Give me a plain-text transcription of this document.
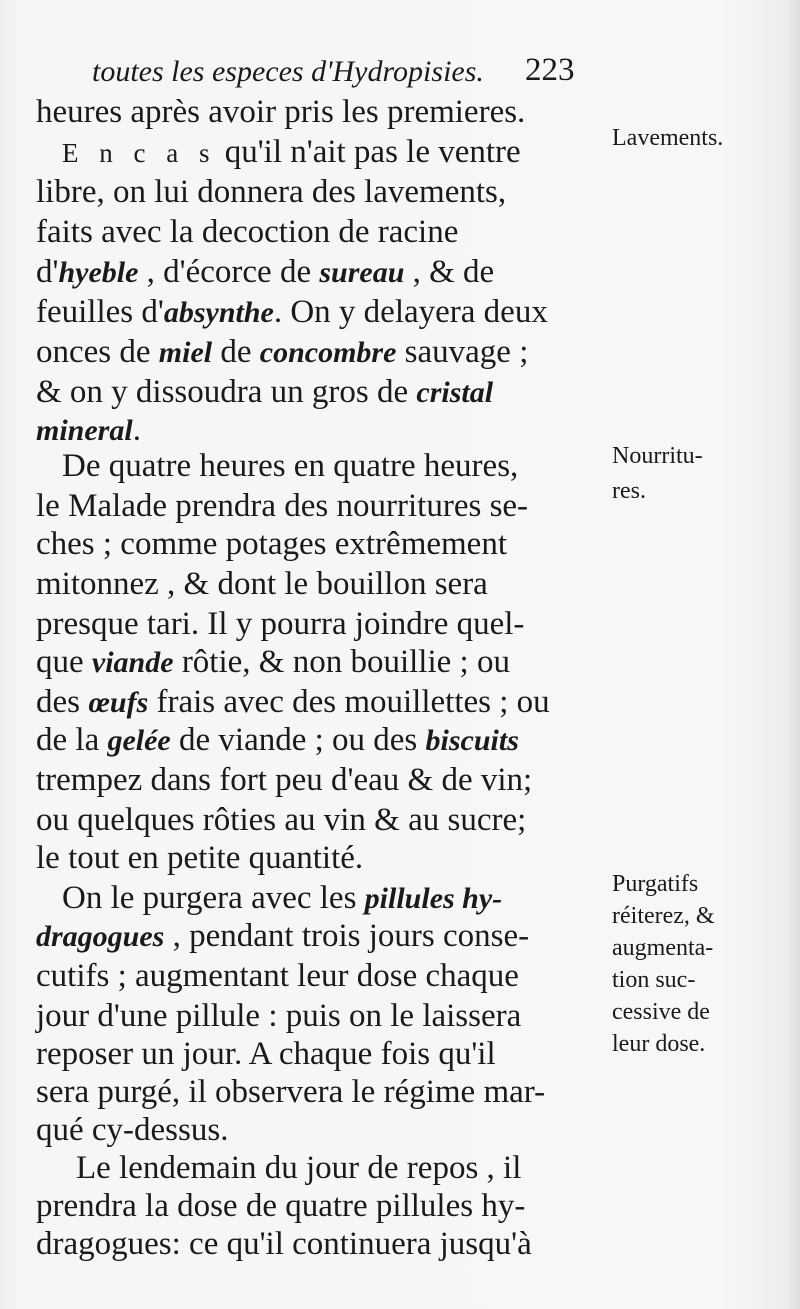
toutes les especes d'Hydropisies.	223
heures après avoir pris les premieres.
E n c a s qu'il n'ait pas le ventre
libre, on lui donnera des lavements,
faits avec la decoction de racine
d'hyeble , d'écorce de sureau , & de
feuilles d'absynthe. On y delayera deux
onces de miel de concombre sauvage ;
& on y dissoudra un gros de cristal
mineral.
De quatre heures en quatre heures,
le Malade prendra des nourritures se-
ches ; comme potages extrêmement
mitonnez , & dont le bouillon sera
presque tari. Il y pourra joindre quel-
que viande rôtie, & non bouillie ; ou
des œufs frais avec des mouillettes ; ou
de la gelée de viande ; ou des biscuits
trempez dans fort peu d'eau & de vin;
ou quelques rôties au vin & au sucre;
le tout en petite quantité.
On le purgera avec les pillules hy-
dragogues , pendant trois jours conse-
cutifs ; augmentant leur dose chaque
jour d'une pillule : puis on le laissera
reposer un jour. A chaque fois qu'il
sera purgé, il observera le régime mar-
qué cy-dessus.
Le lendemain du jour de repos , il
prendra la dose de quatre pillules hy-
dragogues: ce qu'il continuera jusqu'à
Lavements.
Nourritu-
res.
Purgatifs
réiterez, &
augmenta-
tion suc-
cessive de
leur dose.
